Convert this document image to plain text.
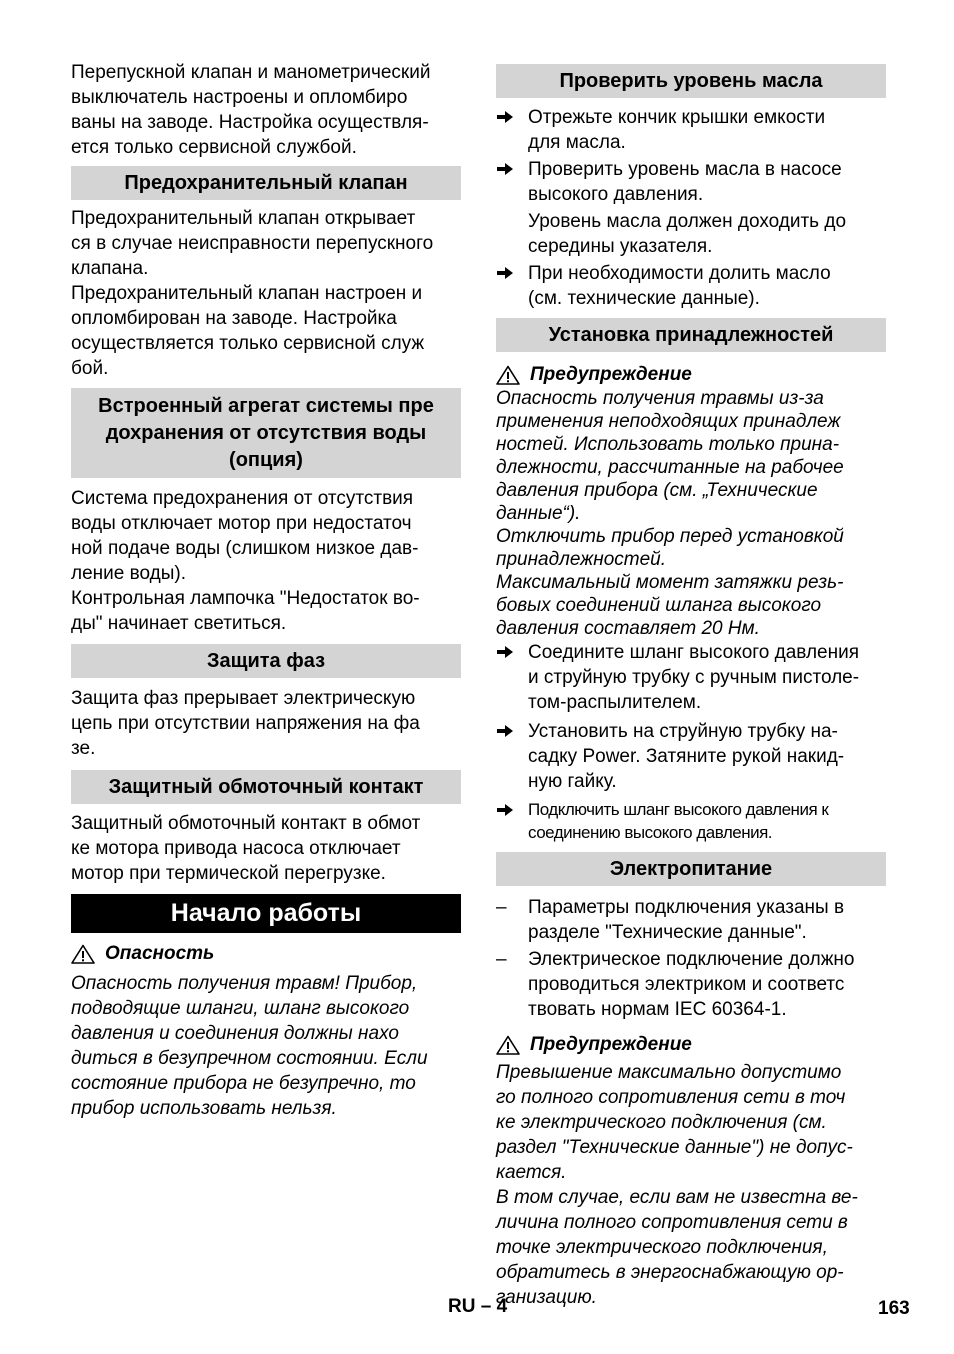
Перепускной клапан и манометрический
выключатель настроены и опломбиро
ваны на заводе. Настройка осуществля-
ется только сервисной службой.

Предохранительный клапан

Предохранительный клапан открывает
ся в случае неисправности перепускного
клапана.

Предохранительный клапан настроен и
опломбирован на заводе. Настройка
осуществляется только сервисной служ
бой.

Встроенный агрегат системы пре
дохранения от отсутствия воды
(опция)

Система предохранения от отсутствия
воды отключает мотор при недостаточ
ной подаче воды (слишком низкое дав-
ление воды).

Контрольная лампочка "Недостаток во-
ды" начинает светиться.

Защита фаз

Защита фаз прерывает электрическую
цепь при отсутствии напряжения на фа
зе.

Защитный обмоточный контакт

Защитный обмоточный контакт в обмот
ке мотора привода насоса отключает
мотор при термической перегрузке.

Начало работы
Опасность

Опасность получения травм! Прибор,
подводящие шланги, шланг высокого
давления и соединения должны нахо
диться в безупречном состоянии. Если
состояние прибора не безупречно, то
прибор использовать нельзя.

Проверить уровень масла
Отрежьте кончик крышки емкости
для масла.
Проверить уровень масла в насосе
высокого давления.
Уровень масла должен доходить до
середины указателя.
При необходимости долить масло
(см. технические данные).
Установка принадлежностей
Предупреждение

Опасность получения травмы из-за
применения неподходящих принадлеж
ностей. Использовать только прина-
длежности, рассчитанные на рабочее
давления прибора (см. „Технические
данные“).
Отключить прибор перед установкой
принадлежностей.
Максимальный момент затяжки резь-
бовых соединений шланга высокого
давления составляет 20 Нм.

Соедините шланг высокого давления
и струйную трубку с ручным пистоле-
том-распылителем.
Установить на струйную трубку на-
садку Power. Затяните рукой накид-
ную гайку.
Подключить шланг высокого давления к
соединению высокого давления.
Электропитание
–	Параметры подключения указаны в
разделе "Технические данные".
–	Электрическое подключение должно
проводиться электриком и соответс
твовать нормам IEC 60364-1.
Предупреждение

Превышение максимально допустимо
го полного сопротивления сети в точ
ке электрического подключения (см.
раздел "Технические данные") не допус-
кается.
В том случае, если вам не известна ве-
личина полного сопротивления сети в
точке электрического подключения,
обратитесь в энергоснабжающую ор-
ганизацию.

RU – 4	163
